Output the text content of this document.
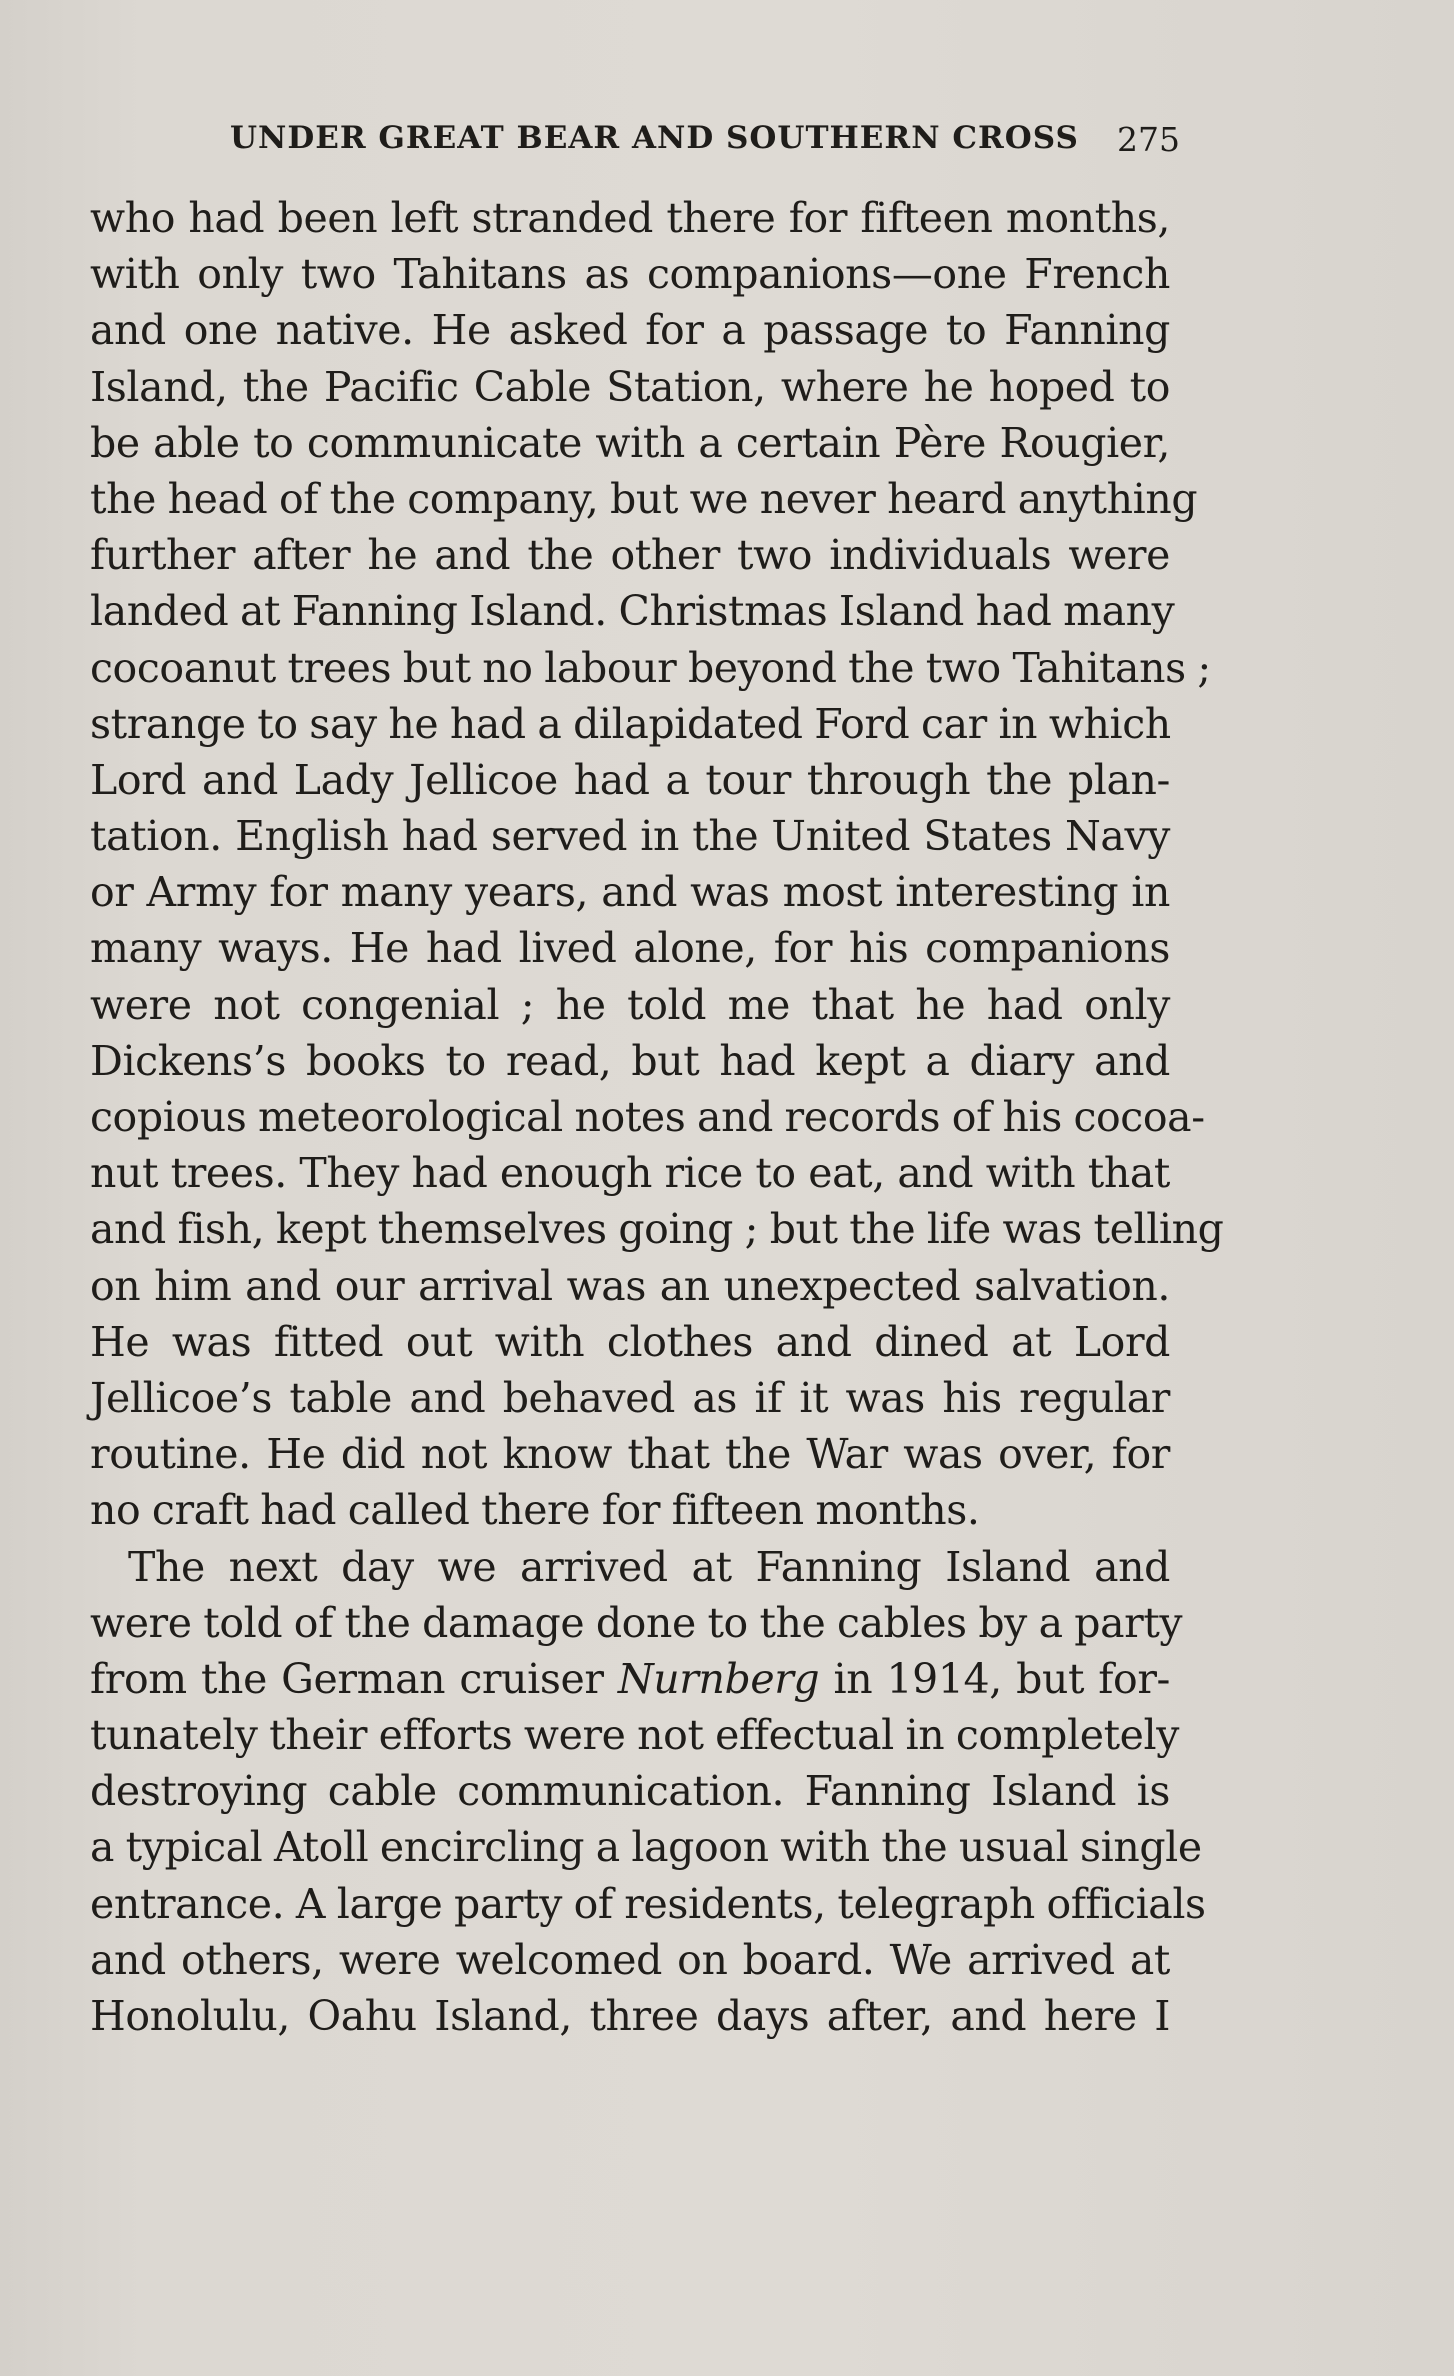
UNDER GREAT BEAR AND SOUTHERN CROSS 275
who had been left stranded there for fifteen months,
with only two Tahitans as companions—one French
and one native. He asked for a passage to Fanning
Island, the Pacific Cable Station, where he hoped to
be able to communicate with a certain Père Rougier,
the head of the company, but we never heard anything
further after he and the other two individuals were
landed at Fanning Island. Christmas Island had many
cocoanut trees but no labour beyond the two Tahitans ;
strange to say he had a dilapidated Ford car in which
Lord and Lady Jellicoe had a tour through the plan-
tation. English had served in the United States Navy
or Army for many years, and was most interesting in
many ways. He had lived alone, for his companions
were not congenial ; he told me that he had only
Dickens’s books to read, but had kept a diary and
copious meteorological notes and records of his cocoa-
nut trees. They had enough rice to eat, and with that
and fish, kept themselves going ; but the life was telling
on him and our arrival was an unexpected salvation.
He was fitted out with clothes and dined at Lord
Jellicoe’s table and behaved as if it was his regular
routine. He did not know that the War was over, for
no craft had called there for fifteen months.
The next day we arrived at Fanning Island and
were told of the damage done to the cables by a party
from the German cruiser Nurnberg in 1914, but for-
tunately their efforts were not effectual in completely
destroying cable communication. Fanning Island is
a typical Atoll encircling a lagoon with the usual single
entrance. A large party of residents, telegraph officials
and others, were welcomed on board. We arrived at
Honolulu, Oahu Island, three days after, and here I
